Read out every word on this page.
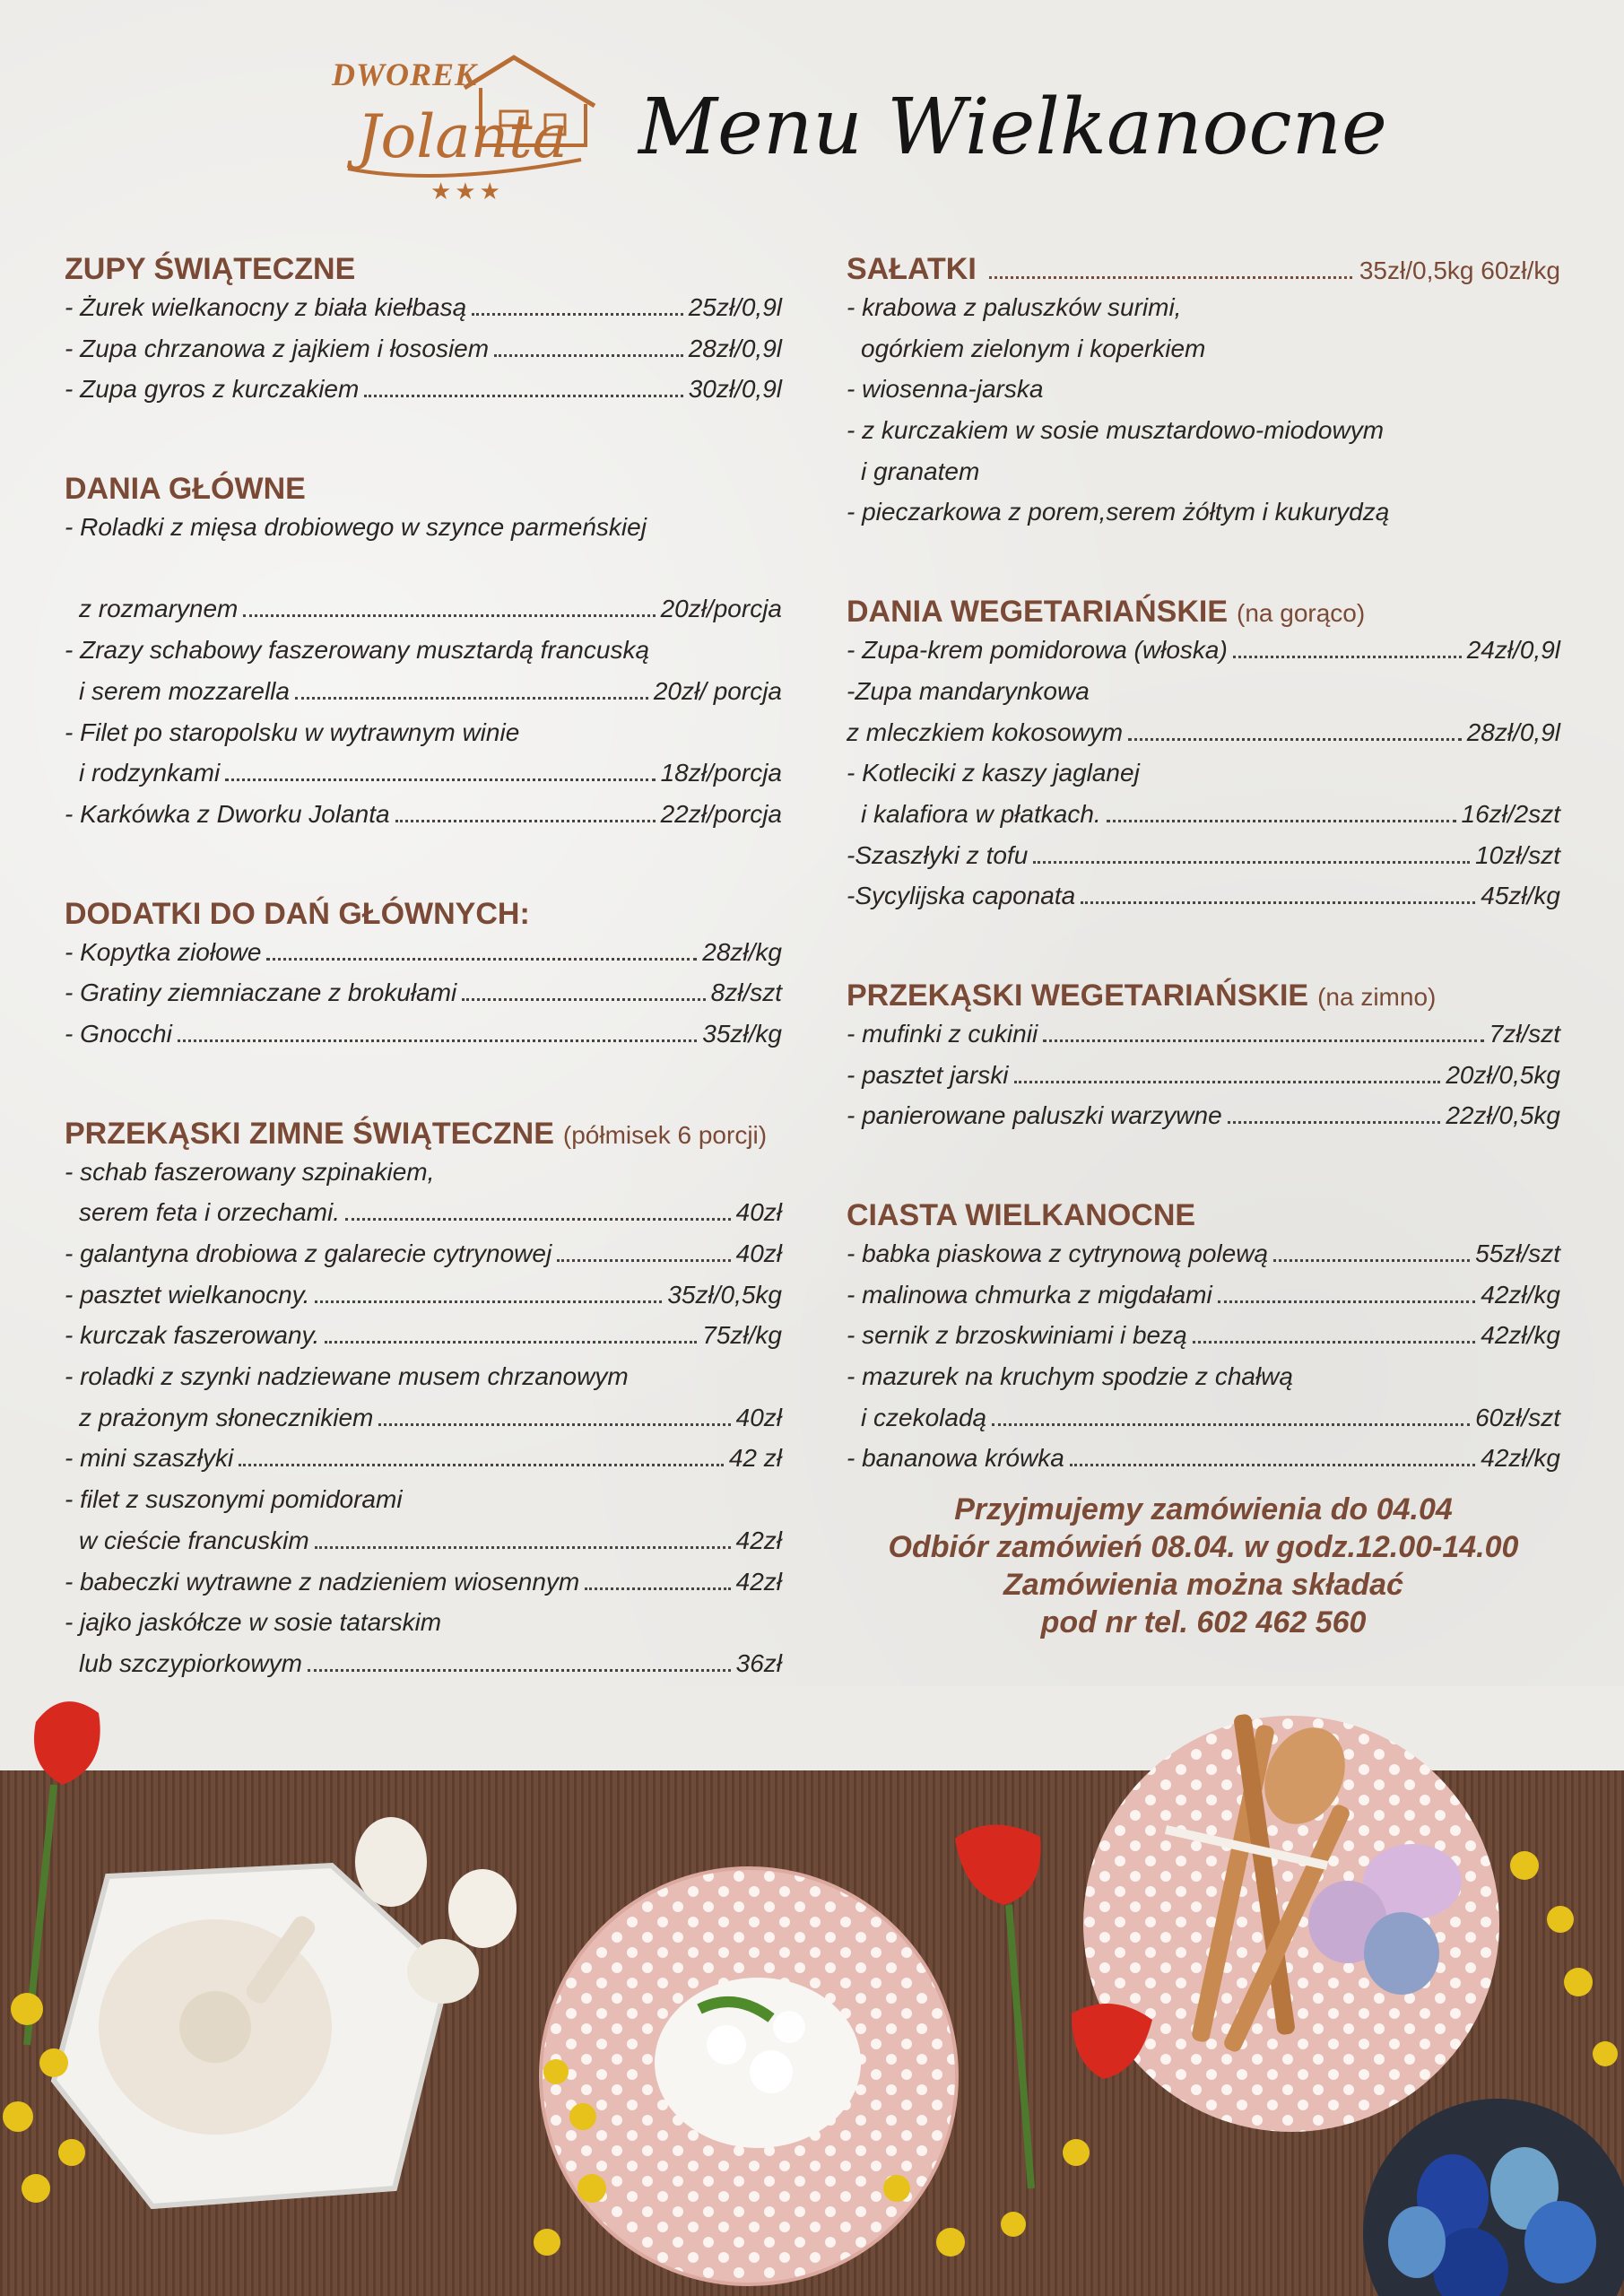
DWOREK
Jolanta
★★★
Menu Wielkanocne
ZUPY ŚWIĄTECZNE
- Żurek wielkanocny z biała kiełbasą	25zł/0,9l
- Zupa chrzanowa z jajkiem i łososiem	28zł/0,9l
- Zupa gyros z kurczakiem	30zł/0,9l
DANIA GŁÓWNE
- Roladki z mięsa drobiowego w szynce parmeńskiej
z rozmarynem	20zł/porcja
- Zrazy schabowy faszerowany musztardą francuską
i serem mozzarella	20zł/ porcja
- Filet po staropolsku w wytrawnym winie
i rodzynkami	18zł/porcja
- Karkówka z Dworku Jolanta	22zł/porcja
DODATKI DO DAŃ GŁÓWNYCH:
- Kopytka ziołowe	28zł/kg
- Gratiny ziemniaczane z brokułami	8zł/szt
- Gnocchi	35zł/kg
PRZEKĄSKI ZIMNE ŚWIĄTECZNE (półmisek 6 porcji)
- schab faszerowany szpinakiem,
serem feta i orzechami.	40zł
- galantyna drobiowa z galarecie cytrynowej	40zł
- pasztet wielkanocny.	35zł/0,5kg
- kurczak faszerowany.	75zł/kg
- roladki z szynki nadziewane musem chrzanowym
z prażonym słonecznikiem	40zł
- mini szaszłyki	42 zł
- filet z suszonymi pomidorami
w cieście francuskim	42zł
- babeczki wytrawne z nadzieniem wiosennym	42zł
- jajko jaskółcze w sosie tatarskim
lub szczypiorkowym	36zł
SAŁATKI	35zł/0,5kg 60zł/kg
- krabowa z paluszków surimi,
ogórkiem zielonym i koperkiem
- wiosenna-jarska
- z kurczakiem w sosie musztardowo-miodowym
i granatem
- pieczarkowa z porem,serem żółtym i kukurydzą
DANIA WEGETARIAŃSKIE (na gorąco)
- Zupa-krem pomidorowa (włoska)	24zł/0,9l
-Zupa mandarynkowa
z mleczkiem kokosowym	28zł/0,9l
- Kotleciki z kaszy jaglanej
i kalafiora w płatkach.	16zł/2szt
-Szaszłyki z tofu	10zł/szt
-Sycylijska caponata	45zł/kg
PRZEKĄSKI WEGETARIAŃSKIE (na zimno)
- mufinki z cukinii	7zł/szt
- pasztet jarski	20zł/0,5kg
- panierowane paluszki warzywne	22zł/0,5kg
CIASTA WIELKANOCNE
- babka piaskowa z cytrynową polewą	55zł/szt
- malinowa chmurka z migdałami	42zł/kg
- sernik z brzoskwiniami i bezą	42zł/kg
- mazurek na kruchym spodzie z chałwą
i czekoladą	60zł/szt
- bananowa krówka	42zł/kg
Przyjmujemy zamówienia do 04.04
Odbiór zamówień 08.04. w godz.12.00-14.00
Zamówienia można składać
pod nr tel. 602 462 560
